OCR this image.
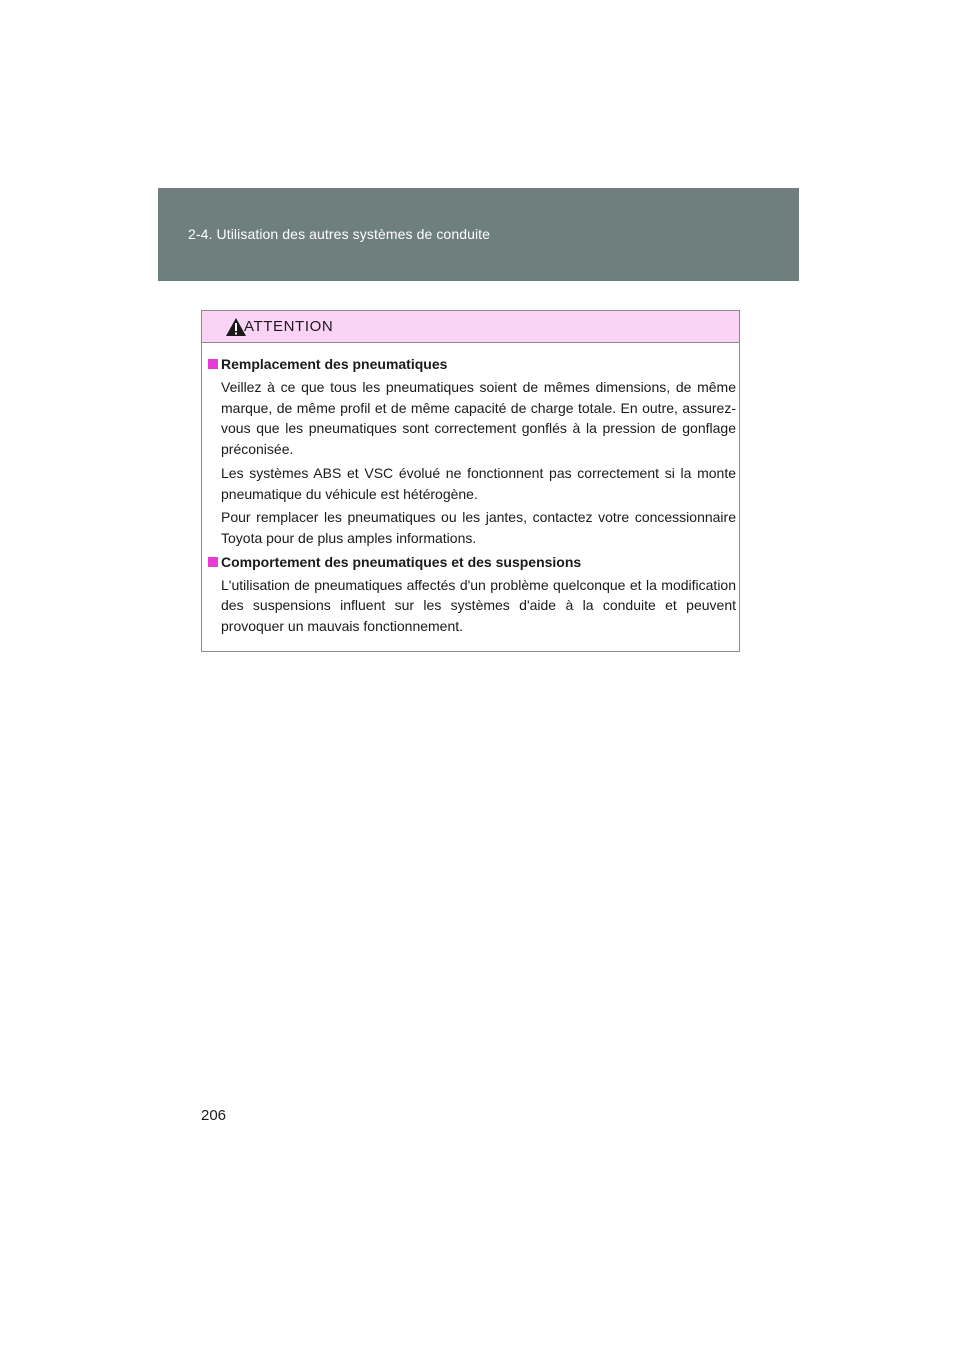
2-4. Utilisation des autres systèmes de conduite
ATTENTION
Remplacement des pneumatiques

Veillez à ce que tous les pneumatiques soient de mêmes dimensions, de même marque, de même profil et de même capacité de charge totale. En outre, assurez-vous que les pneumatiques sont correctement gonflés à la pression de gonflage préconisée.

Les systèmes ABS et VSC évolué ne fonctionnent pas correctement si la monte pneumatique du véhicule est hétérogène.

Pour remplacer les pneumatiques ou les jantes, contactez votre concessionnaire Toyota pour de plus amples informations.

Comportement des pneumatiques et des suspensions

L'utilisation de pneumatiques affectés d'un problème quelconque et la modification des suspensions influent sur les systèmes d'aide à la conduite et peuvent provoquer un mauvais fonctionnement.

206
